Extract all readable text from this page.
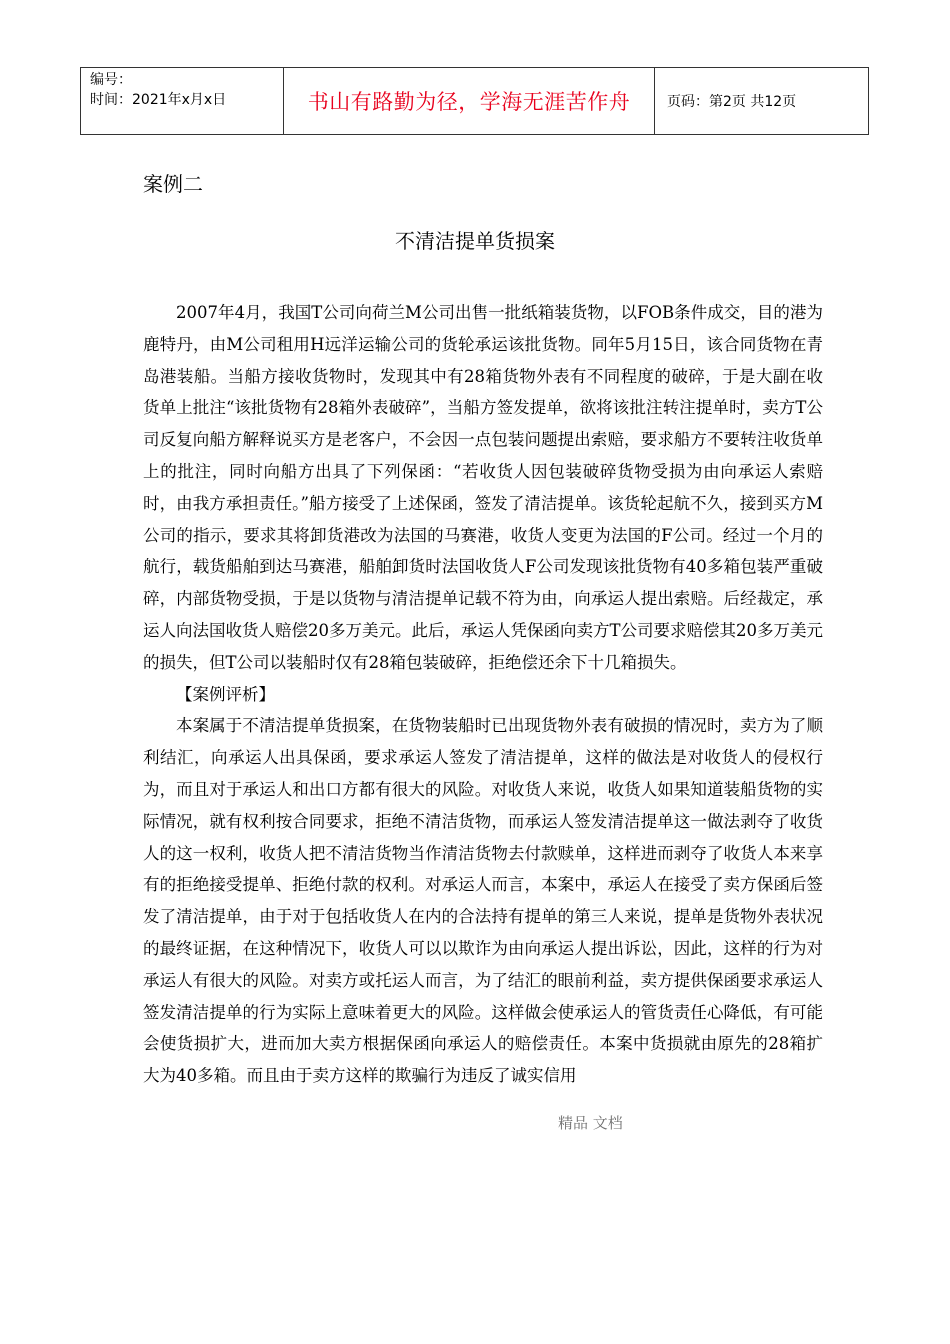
编号：
时间：2021年x月x日	书山有路勤为径，学海无涯苦作舟	页码：第2页 共12页
案例二
不清洁提单货损案

2007年4月，我国T公司向荷兰M公司出售一批纸箱装货物，以FOB条件成交，目的港为鹿特丹，由M公司租用H远洋运输公司的货轮承运该批货物。同年5月15日，该合同货物在青岛港装船。当船方接收货物时，发现其中有28箱货物外表有不同程度的破碎，于是大副在收货单上批注“该批货物有28箱外表破碎”，当船方签发提单，欲将该批注转注提单时，卖方T公司反复向船方解释说买方是老客户，不会因一点包装问题提出索赔，要求船方不要转注收货单上的批注，同时向船方出具了下列保函：“若收货人因包装破碎货物受损为由向承运人索赔时，由我方承担责任。”船方接受了上述保函，签发了清洁提单。该货轮起航不久，接到买方M公司的指示，要求其将卸货港改为法国的马赛港，收货人变更为法国的F公司。经过一个月的航行，载货船舶到达马赛港，船舶卸货时法国收货人F公司发现该批货物有40多箱包装严重破碎，内部货物受损，于是以货物与清洁提单记载不符为由，向承运人提出索赔。后经裁定，承运人向法国收货人赔偿20多万美元。此后，承运人凭保函向卖方T公司要求赔偿其20多万美元的损失，但T公司以装船时仅有28箱包装破碎，拒绝偿还余下十几箱损失。

【案例评析】

本案属于不清洁提单货损案，在货物装船时已出现货物外表有破损的情况时，卖方为了顺利结汇，向承运人出具保函，要求承运人签发了清洁提单，这样的做法是对收货人的侵权行为，而且对于承运人和出口方都有很大的风险。对收货人来说，收货人如果知道装船货物的实际情况，就有权利按合同要求，拒绝不清洁货物，而承运人签发清洁提单这一做法剥夺了收货人的这一权利，收货人把不清洁货物当作清洁货物去付款赎单，这样进而剥夺了收货人本来享有的拒绝接受提单、拒绝付款的权利。对承运人而言，本案中，承运人在接受了卖方保函后签发了清洁提单，由于对于包括收货人在内的合法持有提单的第三人来说，提单是货物外表状况的最终证据，在这种情况下，收货人可以以欺诈为由向承运人提出诉讼，因此，这样的行为对承运人有很大的风险。对卖方或托运人而言，为了结汇的眼前利益，卖方提供保函要求承运人签发清洁提单的行为实际上意味着更大的风险。这样做会使承运人的管货责任心降低，有可能会使货损扩大，进而加大卖方根据保函向承运人的赔偿责任。本案中货损就由原先的28箱扩大为40多箱。而且由于卖方这样的欺骗行为违反了诚实信用

精品 文档
